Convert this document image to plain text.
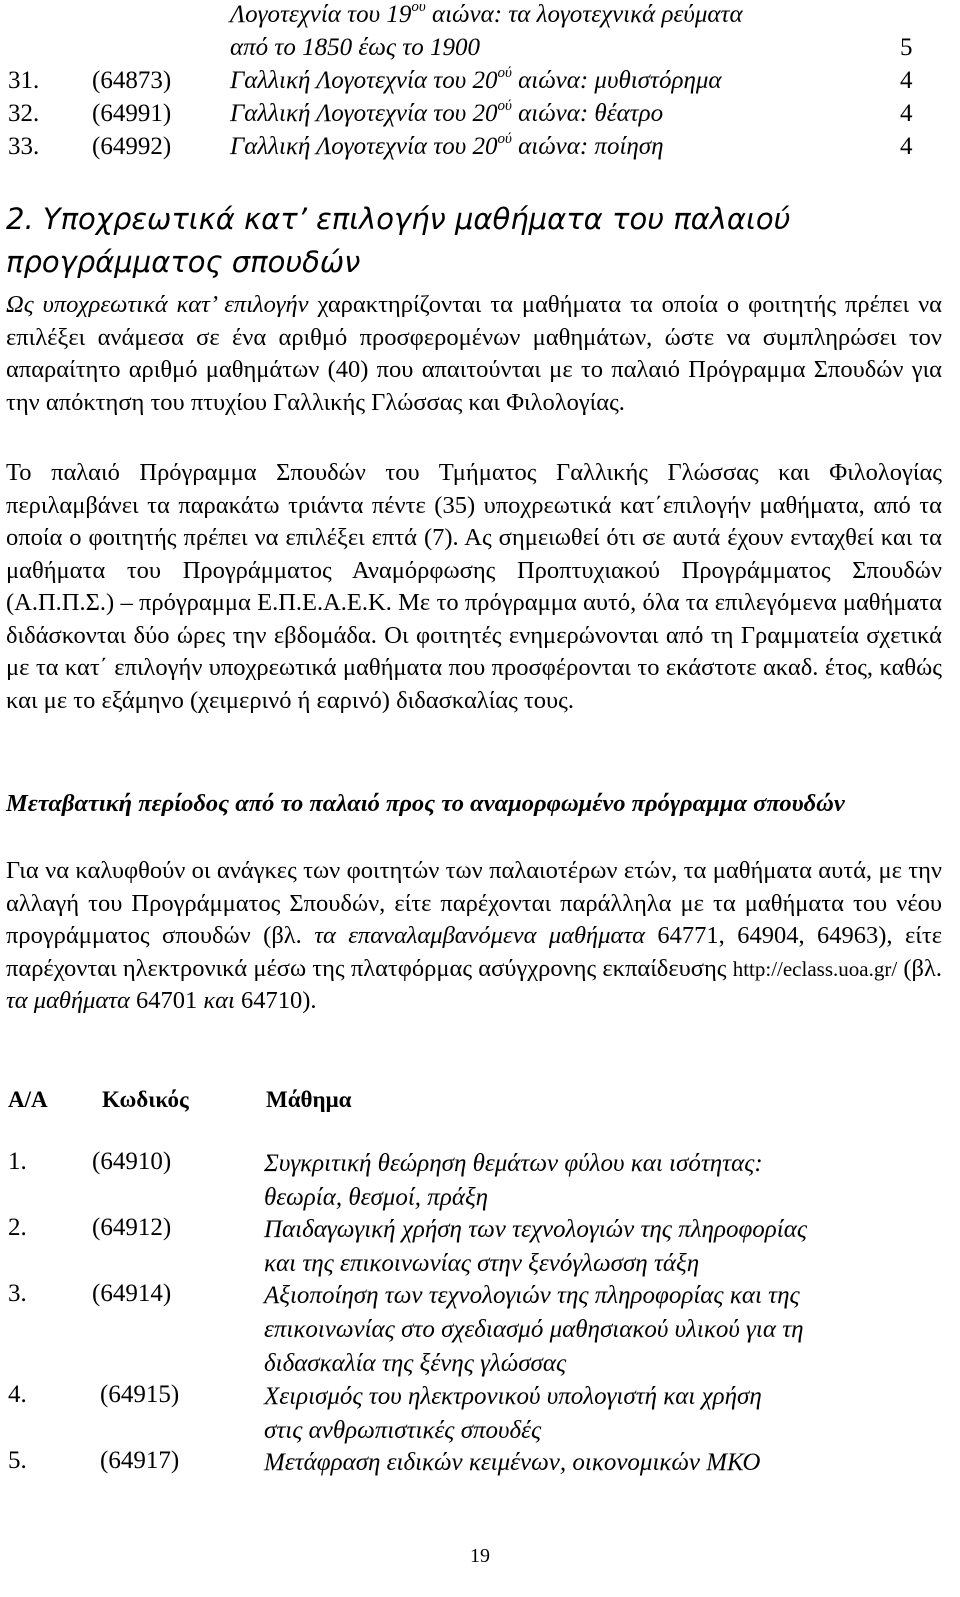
Λογοτεχνία του $19^{o\upsilon}$ αιώνα: τα λογοτεχνικά ρεύματα
από το 1850 έως το 1900	5
31. (64873) Γαλλική Λογοτεχνία του $20^{oύ}$ αιώνα: μυθιστόρημα	4
32. (64991) Γαλλική Λογοτεχνία του $20^{oύ}$ αιώνα: θέατρο	4
33. (64992) Γαλλική Λογοτεχνία του $20^{oύ}$ αιώνα: ποίηση	4
2. Υποχρεωτικά κατ’ επιλογήν μαθήματα του παλαιού
προγράμματος σπουδών
Ως υποχρεωτικά κατ’ επιλογήν χαρακτηρίζονται τα μαθήματα τα οποία ο φοιτητής πρέπει να επιλέξει ανάμεσα σε ένα αριθμό προσφερομένων μαθημάτων, ώστε να συμπληρώσει τον απαραίτητο αριθμό μαθημάτων (40) που απαιτούνται με το παλαιό Πρόγραμμα Σπουδών για την απόκτηση του πτυχίου Γαλλικής Γλώσσας και Φιλολογίας.
Το παλαιό Πρόγραμμα Σπουδών του Τμήματος Γαλλικής Γλώσσας και Φιλολογίας περιλαμβάνει τα παρακάτω τριάντα πέντε (35) υποχρεωτικά κατ΄επιλογήν μαθήματα, από τα οποία ο φοιτητής πρέπει να επιλέξει επτά (7). Ας σημειωθεί ότι σε αυτά έχουν ενταχθεί και τα μαθήματα του Προγράμματος Αναμόρφωσης Προπτυχιακού Προγράμματος Σπουδών (Α.Π.Π.Σ.) – πρόγραμμα Ε.Π.Ε.Α.Ε.Κ. Με το πρόγραμμα αυτό, όλα τα επιλεγόμενα μαθήματα διδάσκονται δύο ώρες την εβδομάδα. Οι φοιτητές ενημερώνονται από τη Γραμματεία σχετικά με τα κατ΄ επιλογήν υποχρεωτικά μαθήματα που προσφέρονται το εκάστοτε ακαδ. έτος, καθώς και με το εξάμηνο (χειμερινό ή εαρινό) διδασκαλίας τους.
Μεταβατική περίοδος από το παλαιό προς το αναμορφωμένο πρόγραμμα σπουδών
Για να καλυφθούν οι ανάγκες των φοιτητών των παλαιοτέρων ετών, τα μαθήματα αυτά, με την αλλαγή του Προγράμματος Σπουδών, είτε παρέχονται παράλληλα με τα μαθήματα του νέου προγράμματος σπουδών (βλ. τα επαναλαμβανόμενα μαθήματα 64771, 64904, 64963), είτε παρέχονται ηλεκτρονικά μέσω της πλατφόρμας ασύγχρονης εκπαίδευσης http://eclass.uoa.gr/ (βλ. τα μαθήματα 64701 και 64710).
Α/Α Κωδικός	Μάθημα
1.	(64910)	Συγκριτική θεώρηση θεμάτων φύλου και ισότητας:
θεωρία, θεσμοί, πράξη
2.	(64912)	Παιδαγωγική χρήση των τεχνολογιών της πληροφορίας
και της επικοινωνίας στην ξενόγλωσση τάξη
3.	(64914)	Αξιοποίηση των τεχνολογιών της πληροφορίας και της
επικοινωνίας στο σχεδιασμό μαθησιακού υλικού για τη
διδασκαλία της ξένης γλώσσας
4.	(64915)	Χειρισμός του ηλεκτρονικού υπολογιστή και χρήση
στις ανθρωπιστικές σπουδές
5.	(64917)	Μετάφραση ειδικών κειμένων, οικονομικών ΜΚΟ
19
